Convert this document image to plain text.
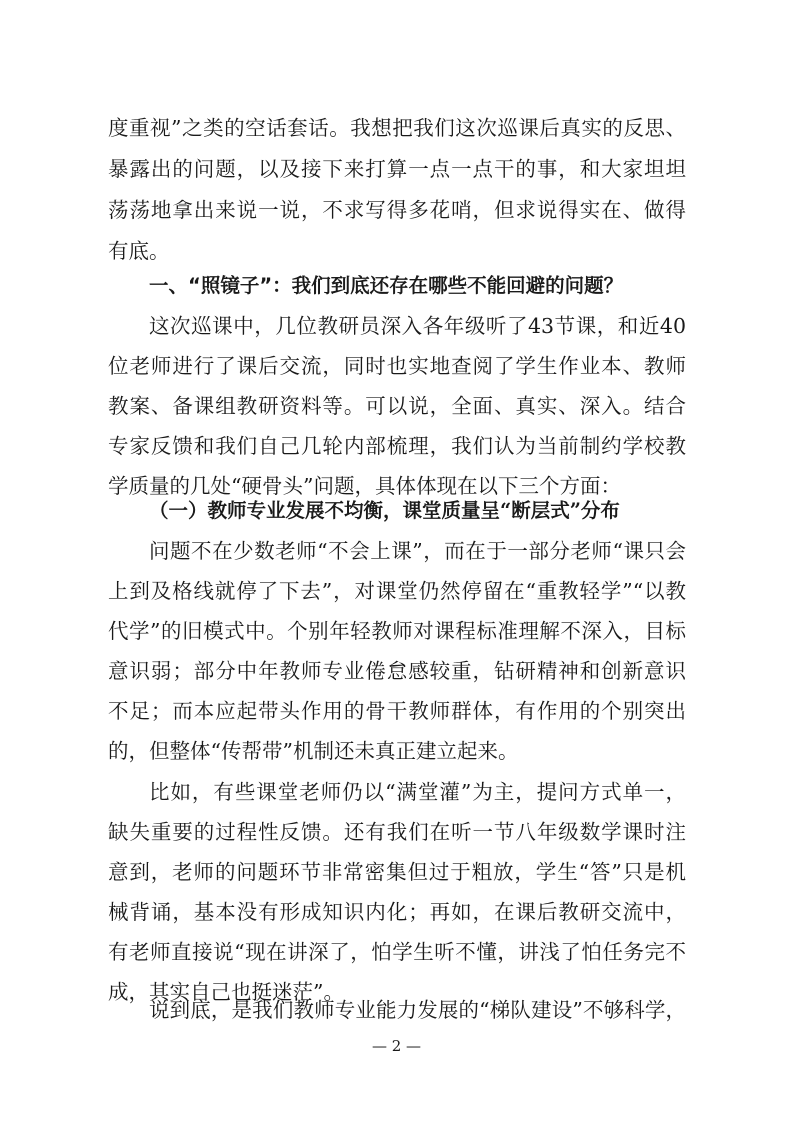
度重视”之类的空话套话。我想把我们这次巡课后真实的反思、
暴露出的问题，以及接下来打算一点一点干的事，和大家坦坦
荡荡地拿出来说一说，不求写得多花哨，但求说得实在、做得
有底。
一、“照镜子”：我们到底还存在哪些不能回避的问题？
这次巡课中，几位教研员深入各年级听了43节课，和近40
位老师进行了课后交流，同时也实地查阅了学生作业本、教师
教案、备课组教研资料等。可以说，全面、真实、深入。结合
专家反馈和我们自己几轮内部梳理，我们认为当前制约学校教
学质量的几处“硬骨头”问题，具体体现在以下三个方面：
（一）教师专业发展不均衡，课堂质量呈“断层式”分布
问题不在少数老师“不会上课”，而在于一部分老师“课只会
上到及格线就停了下去”，对课堂仍然停留在“重教轻学”“以教
代学”的旧模式中。个别年轻教师对课程标准理解不深入，目标
意识弱；部分中年教师专业倦怠感较重，钻研精神和创新意识
不足；而本应起带头作用的骨干教师群体，有作用的个别突出
的，但整体“传帮带”机制还未真正建立起来。
比如，有些课堂老师仍以“满堂灌”为主，提问方式单一，
缺失重要的过程性反馈。还有我们在听一节八年级数学课时注
意到，老师的问题环节非常密集但过于粗放，学生“答”只是机
械背诵，基本没有形成知识内化；再如，在课后教研交流中，
有老师直接说“现在讲深了，怕学生听不懂，讲浅了怕任务完不
成，其实自己也挺迷茫”。
说到底，是我们教师专业能力发展的“梯队建设”不够科学，
— 2 —
